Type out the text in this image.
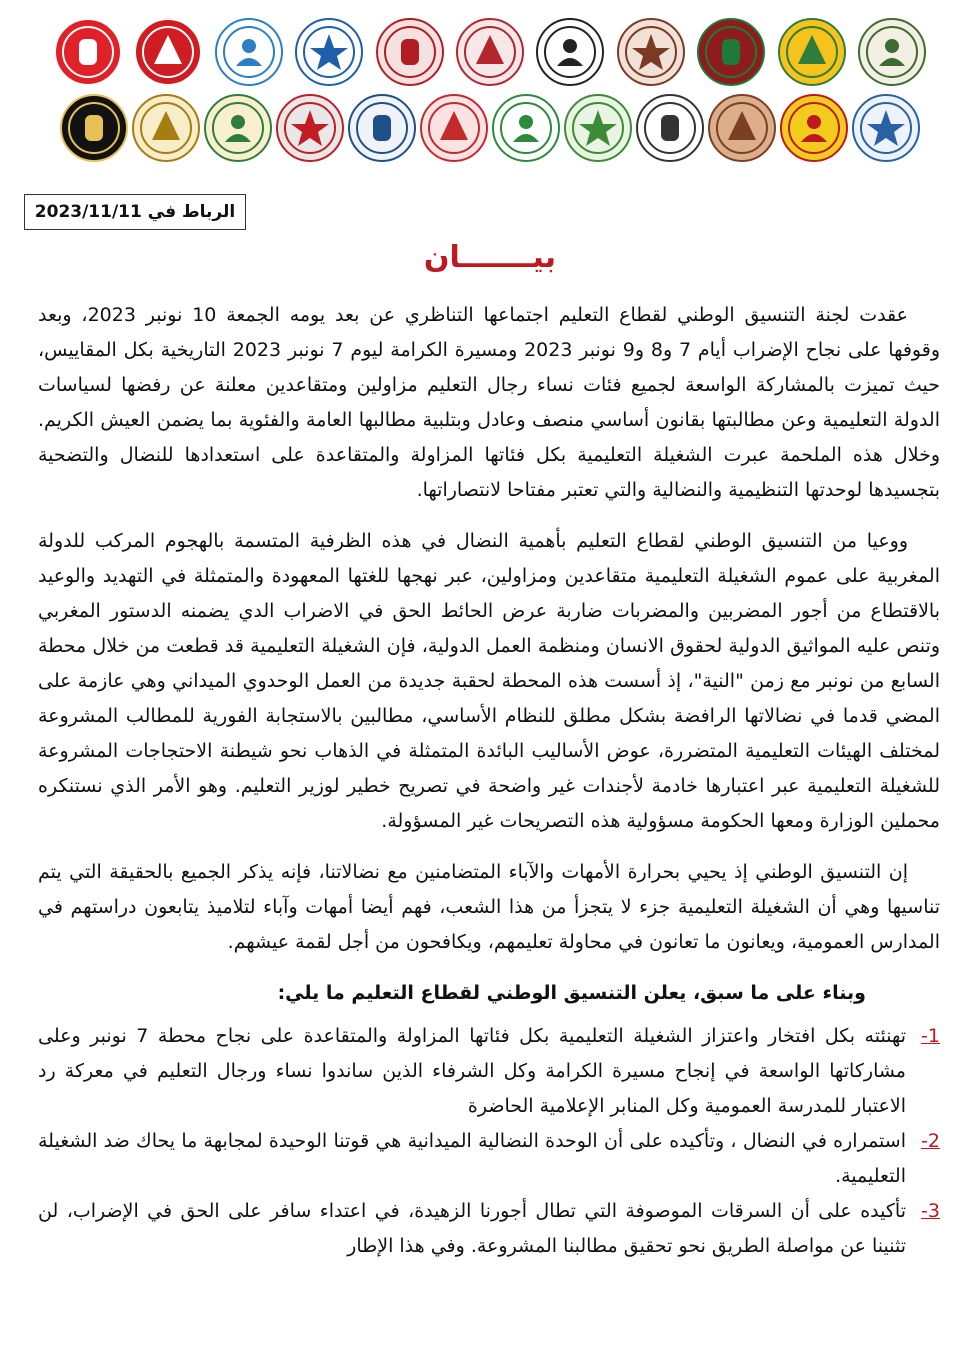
الرباط في 2023/11/11
بيـــــــان

عقدت لجنة التنسيق الوطني لقطاع التعليم اجتماعها التناظري عن بعد يومه الجمعة 10 نونبر 2023، وبعد وقوفها على نجاح الإضراب أيام 7 و8 و9 نونبر 2023 ومسيرة الكرامة ليوم 7 نونبر 2023 التاريخية بكل المقاييس، حيث تميزت بالمشاركة الواسعة لجميع فئات نساء رجال التعليم مزاولين ومتقاعدين معلنة عن رفضها لسياسات الدولة التعليمية وعن مطالبتها بقانون أساسي منصف وعادل وبتلبية مطالبها العامة والفئوية بما يضمن العيش الكريم. وخلال هذه الملحمة عبرت الشغيلة التعليمية بكل فئاتها المزاولة والمتقاعدة على استعدادها للنضال والتضحية بتجسيدها لوحدتها التنظيمية والنضالية والتي تعتبر مفتاحا لانتصاراتها.

ووعيا من التنسيق الوطني لقطاع التعليم بأهمية النضال في هذه الظرفية المتسمة بالهجوم المركب للدولة المغربية على عموم الشغيلة التعليمية متقاعدين ومزاولين، عبر نهجها للغتها المعهودة والمتمثلة في التهديد والوعيد بالاقتطاع من أجور المضربين والمضربات ضاربة عرض الحائط الحق في الاضراب الدي يضمنه الدستور المغربي وتنص عليه المواثيق الدولية لحقوق الانسان ومنظمة العمل الدولية، فإن الشغيلة التعليمية قد قطعت من خلال محطة السابع من نونبر مع زمن "النية"، إذ أسست هذه المحطة لحقبة جديدة من العمل الوحدوي الميداني وهي عازمة على المضي قدما في نضالاتها الرافضة بشكل مطلق للنظام الأساسي، مطالبين بالاستجابة الفورية للمطالب المشروعة لمختلف الهيئات التعليمية المتضررة، عوض الأساليب البائدة المتمثلة في الذهاب نحو شيطنة الاحتجاجات المشروعة للشغيلة التعليمية عبر اعتبارها خادمة لأجندات غير واضحة في تصريح خطير لوزير التعليم. وهو الأمر الذي نستنكره محملين الوزارة ومعها الحكومة مسؤولية هذه التصريحات غير المسؤولة.

إن التنسيق الوطني إذ يحيي بحرارة الأمهات والآباء المتضامنين مع نضالاتنا، فإنه يذكر الجميع بالحقيقة التي يتم تناسيها وهي أن الشغيلة التعليمية جزء لا يتجزأ من هذا الشعب، فهم أيضا أمهات وآباء لتلاميذ يتابعون دراستهم في المدارس العمومية، ويعانون ما تعانون في محاولة تعليمهم، ويكافحون من أجل لقمة عيشهم.

وبناء على ما سبق، يعلن التنسيق الوطني لقطاع التعليم ما يلي:
-1
تهنئته بكل افتخار واعتزاز الشغيلة التعليمية بكل فئاتها المزاولة والمتقاعدة على نجاح محطة 7 نونبر وعلى مشاركاتها الواسعة في إنجاح مسيرة الكرامة وكل الشرفاء الذين ساندوا نساء ورجال التعليم في معركة رد الاعتبار للمدرسة العمومية وكل المنابر الإعلامية الحاضرة
-2
استمراره في النضال ، وتأكيده على أن الوحدة النضالية الميدانية هي قوتنا الوحيدة لمجابهة ما يحاك ضد الشغيلة التعليمية.
-3
تأكيده على أن السرقات الموصوفة التي تطال أجورنا الزهيدة، في اعتداء سافر على الحق في الإضراب، لن تثنينا عن مواصلة الطريق نحو تحقيق مطالبنا المشروعة. وفي هذا الإطار
